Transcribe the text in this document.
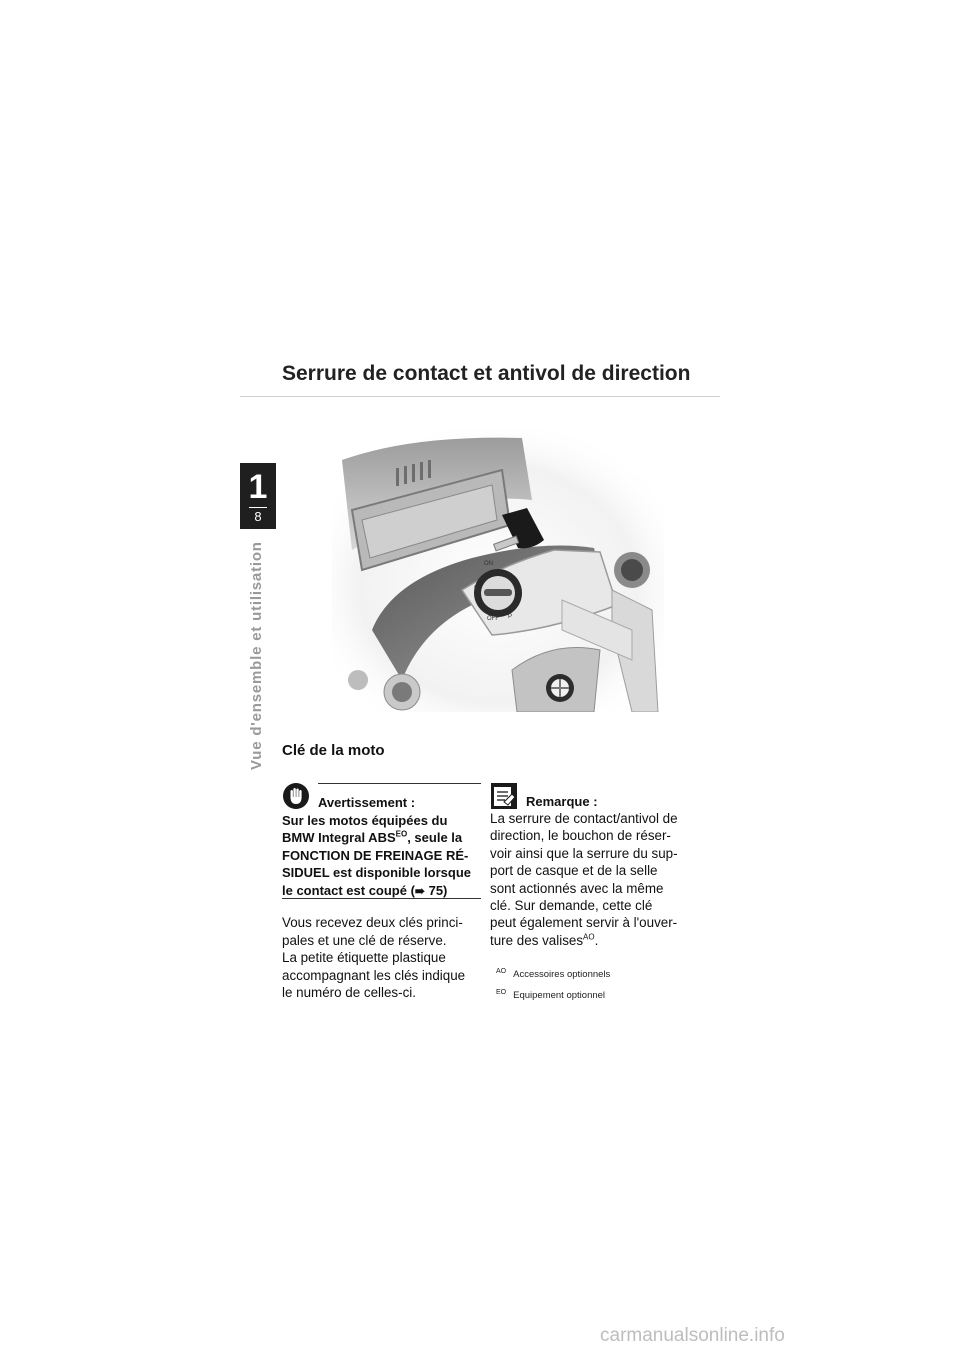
1
8
Vue d'ensemble et utilisation
Serrure de contact et antivol de direction
ON
R
OFF P
Clé de la moto
Avertissement :
Sur les motos équipées du
BMW Integral $ABS^{EO}$, seule la
FONCTION DE FREINAGE RÉ-
SIDUEL est disponible lorsque
le contact est coupé (➠ 75)
Vous recevez deux clés princi-
pales et une clé de réserve.
La petite étiquette plastique
accompagnant les clés indique
le numéro de celles-ci.
Remarque :
La serrure de contact/antivol de
direction, le bouchon de réser-
voir ainsi que la serrure du sup-
port de casque et de la selle
sont actionnés avec la même
clé. Sur demande, cette clé
peut également servir à l'ouver-
ture des valises$^{AO}$.
$^{AO}$ Accessoires optionnels
$^{EO}$ Equipement optionnel
carmanualsonline.info
